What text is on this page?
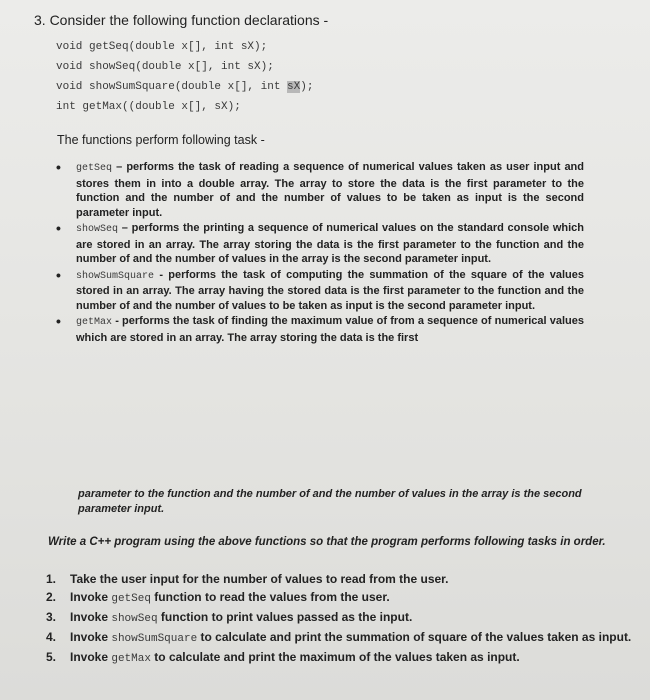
3. Consider the following function declarations -
void getSeq(double x[], int sX);
void showSeq(double x[], int sX);
void showSumSquare(double x[], int sX);
int getMax((double x[], sX);
The functions perform following task -
• getSeq – performs the task of reading a sequence of numerical values taken as user input and stores them in into a double array. The array to store the data is the first parameter to the function and the number of and the number of values to be taken as input is the second parameter input.
• showSeq – performs the printing a sequence of numerical values on the standard console which are stored in an array. The array storing the data is the first parameter to the function and the number of and the number of values in the array is the second parameter input.
• showSumSquare - performs the task of computing the summation of the square of the values stored in an array. The array having the stored data is the first parameter to the function and the number of and the number of values to be taken as input is the second parameter input.
• getMax - performs the task of finding the maximum value of from a sequence of numerical values which are stored in an array. The array storing the data is the first
parameter to the function and the number of and the number of values in the array is the second parameter input.
Write a C++ program using the above functions so that the program performs following tasks in order.
1.	Take the user input for the number of values to read from the user.
2.	Invoke getSeq function to read the values from the user.
3.	Invoke showSeq function to print values passed as the input.
4.	Invoke showSumSquare to calculate and print the summation of square of the values taken as input.
5.	Invoke getMax to calculate and print the maximum of the values taken as input.
